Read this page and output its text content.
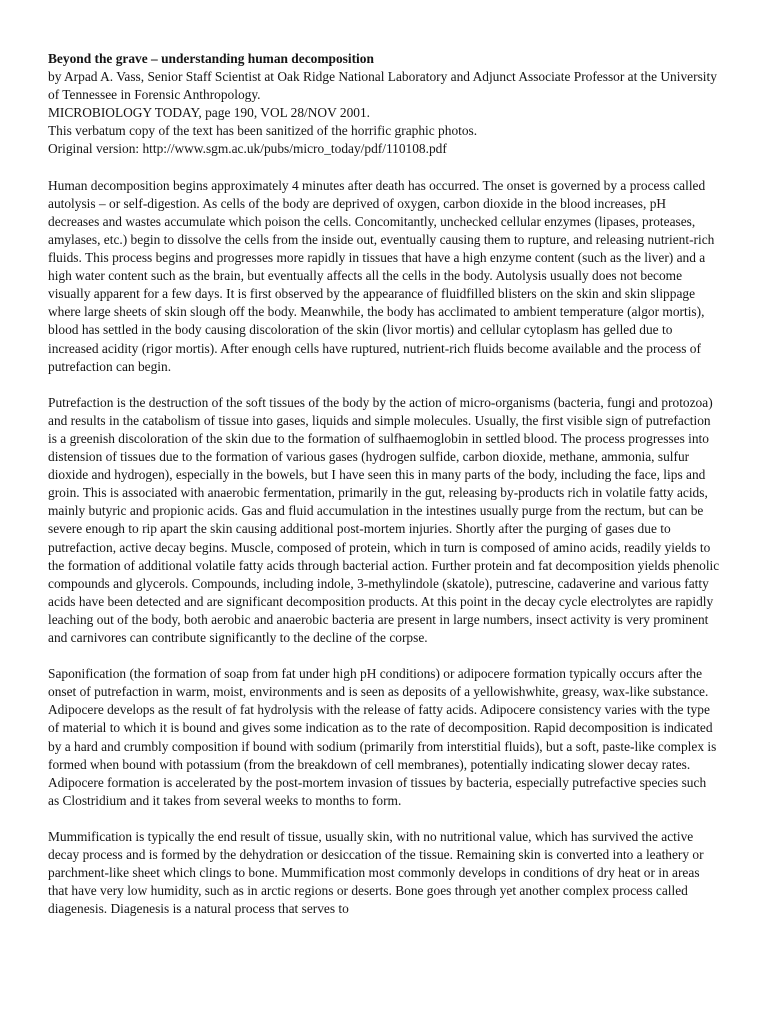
Beyond the grave – understanding human decomposition
by Arpad A. Vass, Senior Staff Scientist at Oak Ridge National Laboratory and Adjunct Associate Professor at the University of Tennessee in Forensic Anthropology.
MICROBIOLOGY TODAY, page 190, VOL 28/NOV 2001.
This verbatum copy of the text has been sanitized of the horrific graphic photos.
Original version: http://www.sgm.ac.uk/pubs/micro_today/pdf/110108.pdf

Human decomposition begins approximately 4 minutes after death has occurred. The onset is governed by a process called autolysis – or self-digestion. As cells of the body are deprived of oxygen, carbon dioxide in the blood increases, pH decreases and wastes accumulate which poison the cells. Concomitantly, unchecked cellular enzymes (lipases, proteases, amylases, etc.) begin to dissolve the cells from the inside out, eventually causing them to rupture, and releasing nutrient-rich fluids. This process begins and progresses more rapidly in tissues that have a high enzyme content (such as the liver) and a high water content such as the brain, but eventually affects all the cells in the body. Autolysis usually does not become visually apparent for a few days. It is first observed by the appearance of fluidfilled blisters on the skin and skin slippage where large sheets of skin slough off the body. Meanwhile, the body has acclimated to ambient temperature (algor mortis), blood has settled in the body causing discoloration of the skin (livor mortis) and cellular cytoplasm has gelled due to increased acidity (rigor mortis). After enough cells have ruptured, nutrient-rich fluids become available and the process of putrefaction can begin.

Putrefaction is the destruction of the soft tissues of the body by the action of micro-organisms (bacteria, fungi and protozoa) and results in the catabolism of tissue into gases, liquids and simple molecules. Usually, the first visible sign of putrefaction is a greenish discoloration of the skin due to the formation of sulfhaemoglobin in settled blood. The process progresses into distension of tissues due to the formation of various gases (hydrogen sulfide, carbon dioxide, methane, ammonia, sulfur dioxide and hydrogen), especially in the bowels, but I have seen this in many parts of the body, including the face, lips and groin. This is associated with anaerobic fermentation, primarily in the gut, releasing by-products rich in volatile fatty acids, mainly butyric and propionic acids. Gas and fluid accumulation in the intestines usually purge from the rectum, but can be severe enough to rip apart the skin causing additional post-mortem injuries. Shortly after the purging of gases due to putrefaction, active decay begins. Muscle, composed of protein, which in turn is composed of amino acids, readily yields to the formation of additional volatile fatty acids through bacterial action. Further protein and fat decomposition yields phenolic compounds and glycerols. Compounds, including indole, 3-methylindole (skatole), putrescine, cadaverine and various fatty acids have been detected and are significant decomposition products. At this point in the decay cycle electrolytes are rapidly leaching out of the body, both aerobic and anaerobic bacteria are present in large numbers, insect activity is very prominent and carnivores can contribute significantly to the decline of the corpse.

Saponification (the formation of soap from fat under high pH conditions) or adipocere formation typically occurs after the onset of putrefaction in warm, moist, environments and is seen as deposits of a yellowishwhite, greasy, wax-like substance. Adipocere develops as the result of fat hydrolysis with the release of fatty acids. Adipocere consistency varies with the type of material to which it is bound and gives some indication as to the rate of decomposition. Rapid decomposition is indicated by a hard and crumbly composition if bound with sodium (primarily from interstitial fluids), but a soft, paste-like complex is formed when bound with potassium (from the breakdown of cell membranes), potentially indicating slower decay rates. Adipocere formation is accelerated by the post-mortem invasion of tissues by bacteria, especially putrefactive species such as Clostridium and it takes from several weeks to months to form.

Mummification is typically the end result of tissue, usually skin, with no nutritional value, which has survived the active decay process and is formed by the dehydration or desiccation of the tissue. Remaining skin is converted into a leathery or parchment-like sheet which clings to bone. Mummification most commonly develops in conditions of dry heat or in areas that have very low humidity, such as in arctic regions or deserts. Bone goes through yet another complex process called diagenesis. Diagenesis is a natural process that serves to
